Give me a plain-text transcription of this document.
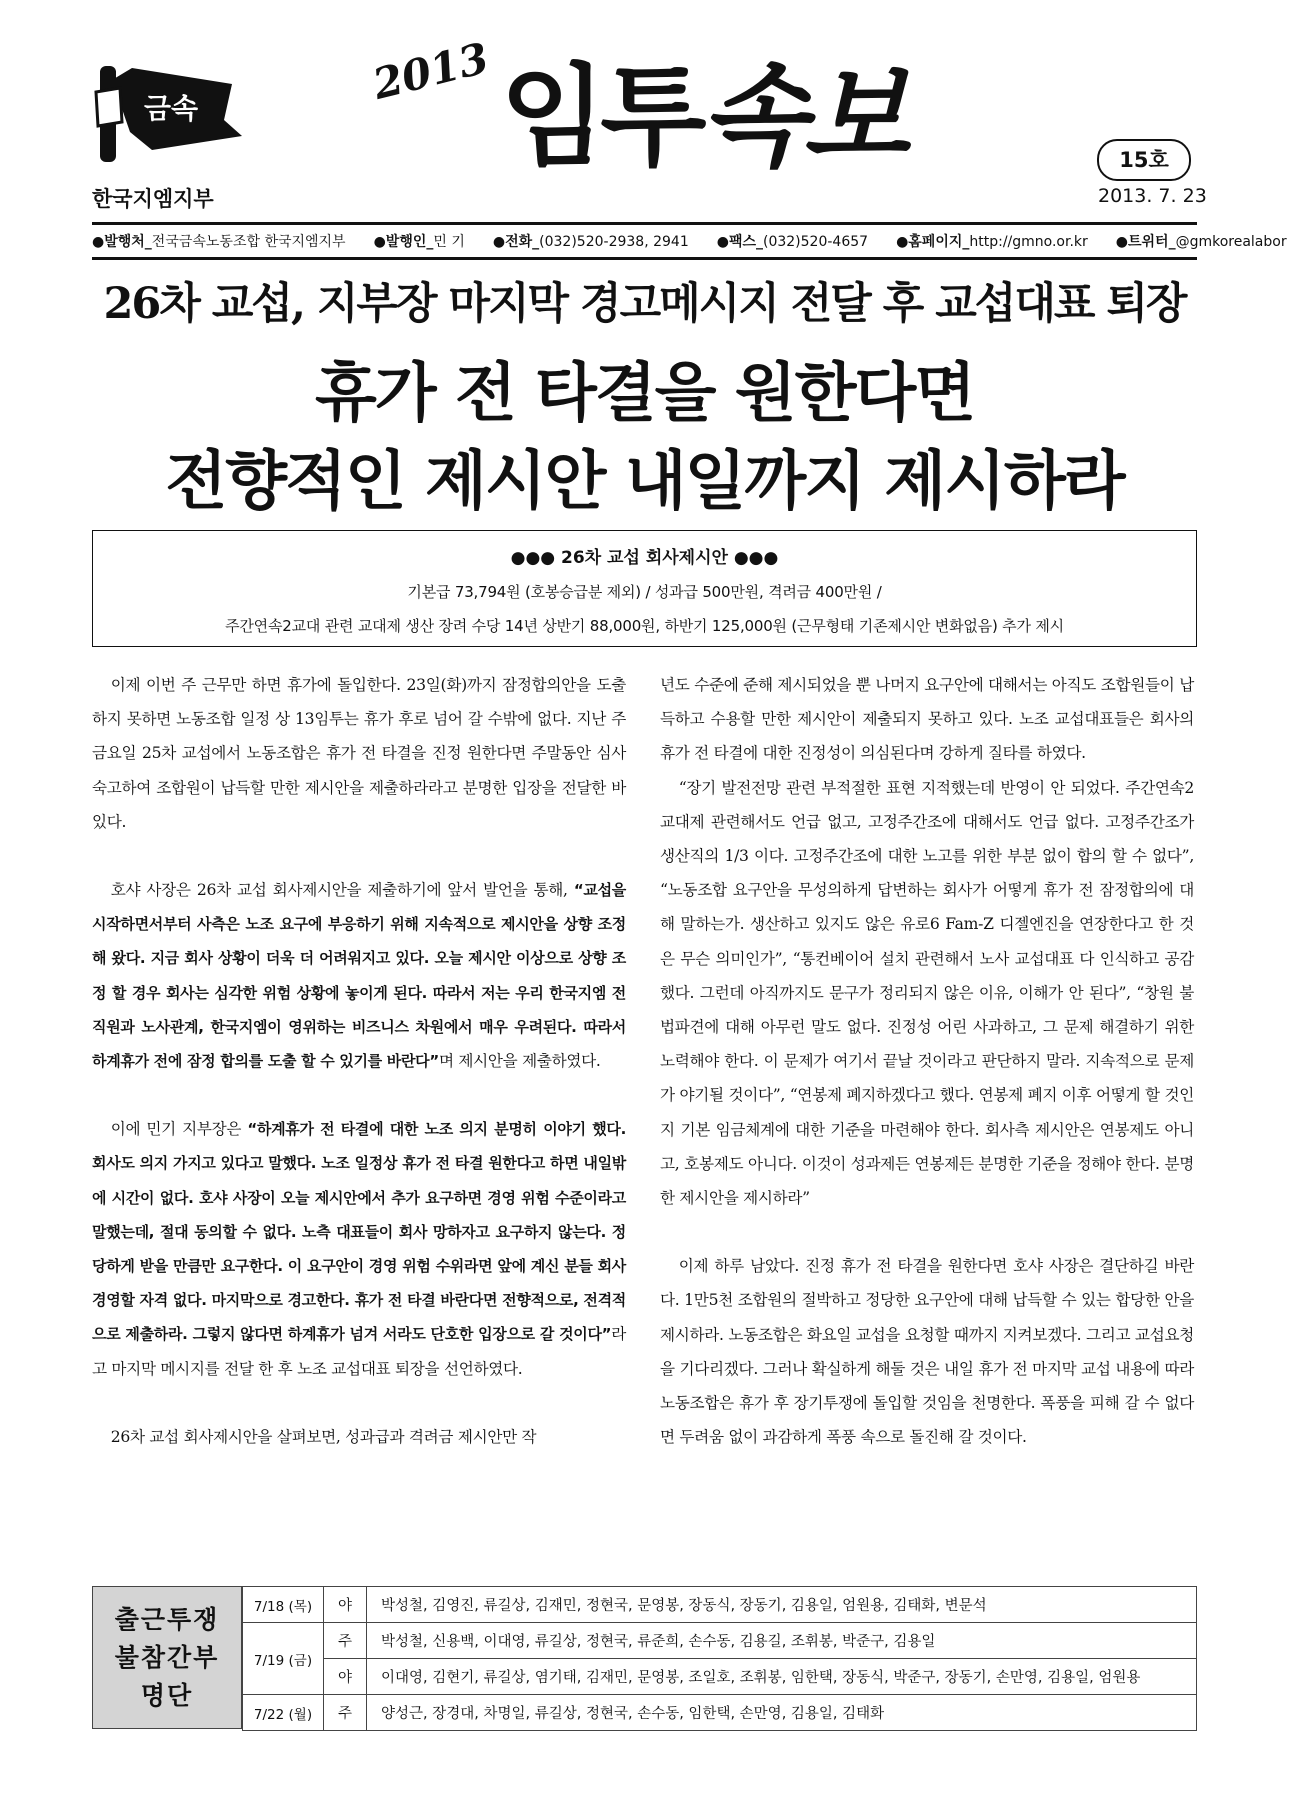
금속
한국지엠지부
2013 임투속보	15호
2013. 7. 23
●발행처_전국금속노동조합 한국지엠지부	●발행인_민 기	●전화_(032)520-2938, 2941	●팩스_(032)520-4657	●홈페이지_http://gmno.or.kr	●트위터_@gmkorealabor
26차 교섭, 지부장 마지막 경고메시지 전달 후 교섭대표 퇴장
휴가 전 타결을 원한다면
전향적인 제시안 내일까지 제시하라
●●● 26차 교섭 회사제시안 ●●●
기본급 73,794원 (호봉승급분 제외) / 성과급 500만원, 격려금 400만원 /
주간연속2교대 관련 교대제 생산 장려 수당 14년 상반기 88,000원, 하반기 125,000원 (근무형태 기존제시안 변화없음) 추가 제시

이제 이번 주 근무만 하면 휴가에 돌입한다. 23일(화)까지 잠정합의안을 도출하지 못하면 노동조합 일정 상 13임투는 휴가 후로 넘어 갈 수밖에 없다. 지난 주 금요일 25차 교섭에서 노동조합은 휴가 전 타결을 진정 원한다면 주말동안 심사숙고하여 조합원이 납득할 만한 제시안을 제출하라라고 분명한 입장을 전달한 바 있다.

호샤 사장은 26차 교섭 회사제시안을 제출하기에 앞서 발언을 통해, “교섭을 시작하면서부터 사측은 노조 요구에 부응하기 위해 지속적으로 제시안을 상향 조정해 왔다. 지금 회사 상황이 더욱 더 어려워지고 있다. 오늘 제시안 이상으로 상향 조정 할 경우 회사는 심각한 위험 상황에 놓이게 된다. 따라서 저는 우리 한국지엠 전 직원과 노사관계, 한국지엠이 영위하는 비즈니스 차원에서 매우 우려된다. 따라서 하계휴가 전에 잠정 합의를 도출 할 수 있기를 바란다”며 제시안을 제출하였다.

이에 민기 지부장은 “하계휴가 전 타결에 대한 노조 의지 분명히 이야기 했다. 회사도 의지 가지고 있다고 말했다. 노조 일정상 휴가 전 타결 원한다고 하면 내일밖에 시간이 없다. 호샤 사장이 오늘 제시안에서 추가 요구하면 경영 위험 수준이라고 말했는데, 절대 동의할 수 없다. 노측 대표들이 회사 망하자고 요구하지 않는다. 정당하게 받을 만큼만 요구한다. 이 요구안이 경영 위험 수위라면 앞에 계신 분들 회사 경영할 자격 없다. 마지막으로 경고한다. 휴가 전 타결 바란다면 전향적으로, 전격적으로 제출하라. 그렇지 않다면 하계휴가 넘겨 서라도 단호한 입장으로 갈 것이다”라고 마지막 메시지를 전달 한 후 노조 교섭대표 퇴장을 선언하였다.

26차 교섭 회사제시안을 살펴보면, 성과급과 격려금 제시안만 작

년도 수준에 준해 제시되었을 뿐 나머지 요구안에 대해서는 아직도 조합원들이 납득하고 수용할 만한 제시안이 제출되지 못하고 있다. 노조 교섭대표들은 회사의 휴가 전 타결에 대한 진정성이 의심된다며 강하게 질타를 하였다.

“장기 발전전망 관련 부적절한 표현 지적했는데 반영이 안 되었다. 주간연속2교대제 관련해서도 언급 없고, 고정주간조에 대해서도 언급 없다. 고정주간조가 생산직의 1/3 이다. 고정주간조에 대한 노고를 위한 부분 없이 합의 할 수 없다”, “노동조합 요구안을 무성의하게 답변하는 회사가 어떻게 휴가 전 잠정합의에 대해 말하는가. 생산하고 있지도 않은 유로6 Fam-Z 디젤엔진을 연장한다고 한 것은 무슨 의미인가”, “통컨베이어 설치 관련해서 노사 교섭대표 다 인식하고 공감했다. 그런데 아직까지도 문구가 정리되지 않은 이유, 이해가 안 된다”, “창원 불법파견에 대해 아무런 말도 없다. 진정성 어린 사과하고, 그 문제 해결하기 위한 노력해야 한다. 이 문제가 여기서 끝날 것이라고 판단하지 말라. 지속적으로 문제가 야기될 것이다”, “연봉제 폐지하겠다고 했다. 연봉제 폐지 이후 어떻게 할 것인지 기본 임금체계에 대한 기준을 마련해야 한다. 회사측 제시안은 연봉제도 아니고, 호봉제도 아니다. 이것이 성과제든 연봉제든 분명한 기준을 정해야 한다. 분명한 제시안을 제시하라”

이제 하루 남았다. 진정 휴가 전 타결을 원한다면 호샤 사장은 결단하길 바란다. 1만5천 조합원의 절박하고 정당한 요구안에 대해 납득할 수 있는 합당한 안을 제시하라. 노동조합은 화요일 교섭을 요청할 때까지 지켜보겠다. 그리고 교섭요청을 기다리겠다. 그러나 확실하게 해둘 것은 내일 휴가 전 마지막 교섭 내용에 따라 노동조합은 휴가 후 장기투쟁에 돌입할 것임을 천명한다. 폭풍을 피해 갈 수 없다면 두려움 없이 과감하게 폭풍 속으로 돌진해 갈 것이다.

출근투쟁
불참간부
명단
7/18 (목)	야	박성철, 김영진, 류길상, 김재민, 정현국, 문영봉, 장동식, 장동기, 김용일, 엄원용, 김태화, 변문석
7/19 (금)	주	박성철, 신용백, 이대영, 류길상, 정현국, 류준희, 손수동, 김용길, 조휘봉, 박준구, 김용일
	야	이대영, 김현기, 류길상, 염기태, 김재민, 문영봉, 조일호, 조휘봉, 임한택, 장동식, 박준구, 장동기, 손만영, 김용일, 엄원용
7/22 (월)	주	양성근, 장경대, 차명일, 류길상, 정현국, 손수동, 임한택, 손만영, 김용일, 김태화
